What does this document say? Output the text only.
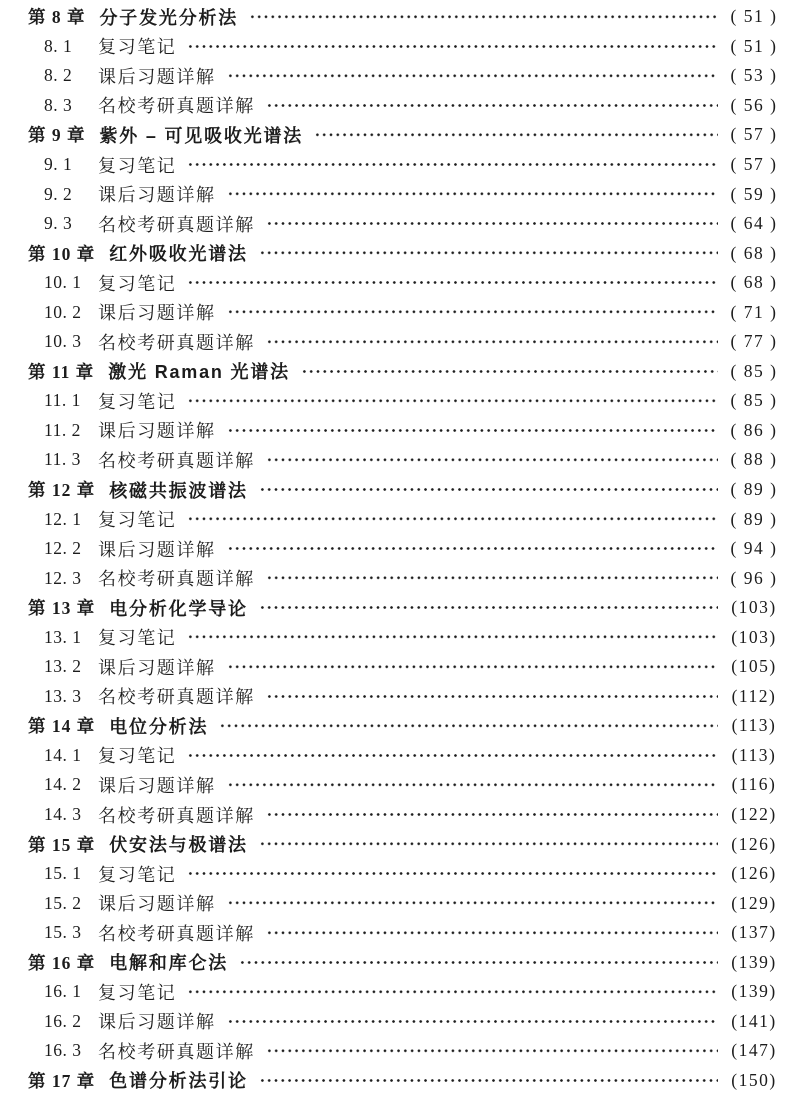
第 8 章 分子发光分析法	( 51 )
8. 1	复习笔记	( 51 )
8. 2	课后习题详解	( 53 )
8. 3	名校考研真题详解	( 56 )
第 9 章 紫外 – 可见吸收光谱法	( 57 )
9. 1	复习笔记	( 57 )
9. 2	课后习题详解	( 59 )
9. 3	名校考研真题详解	( 64 )
第 10 章 红外吸收光谱法	( 68 )
10. 1 复习笔记	( 68 )
10. 2 课后习题详解	( 71 )
10. 3 名校考研真题详解	( 77 )
第 11 章 激光 Raman 光谱法	( 85 )
11. 1 复习笔记	( 85 )
11. 2 课后习题详解	( 86 )
11. 3 名校考研真题详解	( 88 )
第 12 章 核磁共振波谱法	( 89 )
12. 1 复习笔记	( 89 )
12. 2 课后习题详解	( 94 )
12. 3 名校考研真题详解	( 96 )
第 13 章 电分析化学导论	(103)
13. 1 复习笔记	(103)
13. 2 课后习题详解	(105)
13. 3 名校考研真题详解	(112)
第 14 章 电位分析法	(113)
14. 1 复习笔记	(113)
14. 2 课后习题详解	(116)
14. 3 名校考研真题详解	(122)
第 15 章 伏安法与极谱法	(126)
15. 1 复习笔记	(126)
15. 2 课后习题详解	(129)
15. 3 名校考研真题详解	(137)
第 16 章 电解和库仑法	(139)
16. 1 复习笔记	(139)
16. 2 课后习题详解	(141)
16. 3 名校考研真题详解	(147)
第 17 章 色谱分析法引论	(150)
